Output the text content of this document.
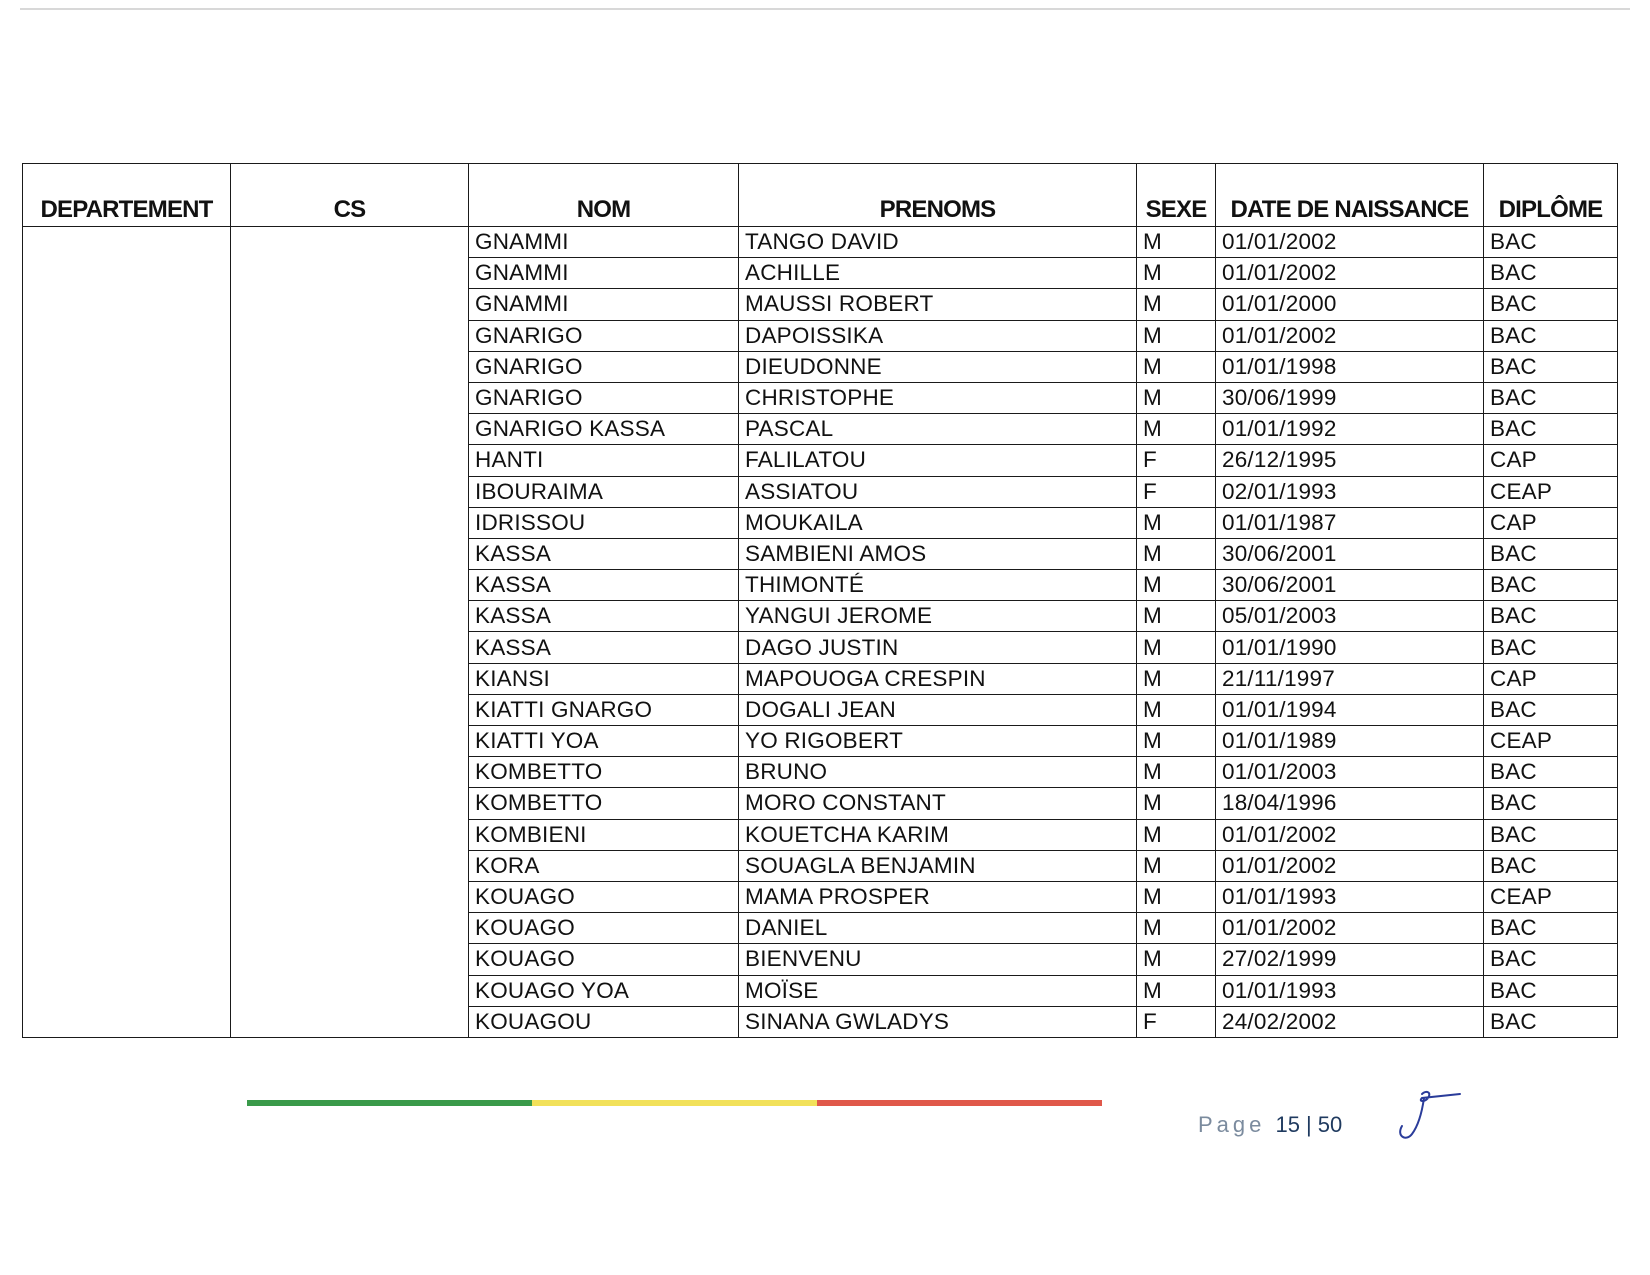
DEPARTEMENT	CS	NOM	PRENOMS	SEXE	DATE DE NAISSANCE	DIPLÔME
		GNAMMI	TANGO DAVID	M	01/01/2002	BAC
		GNAMMI	ACHILLE	M	01/01/2002	BAC
		GNAMMI	MAUSSI ROBERT	M	01/01/2000	BAC
		GNARIGO	DAPOISSIKA	M	01/01/2002	BAC
		GNARIGO	DIEUDONNE	M	01/01/1998	BAC
		GNARIGO	CHRISTOPHE	M	30/06/1999	BAC
		GNARIGO KASSA	PASCAL	M	01/01/1992	BAC
		HANTI	FALILATOU	F	26/12/1995	CAP
		IBOURAIMA	ASSIATOU	F	02/01/1993	CEAP
		IDRISSOU	MOUKAILA	M	01/01/1987	CAP
		KASSA	SAMBIENI AMOS	M	30/06/2001	BAC
		KASSA	THIMONTÉ	M	30/06/2001	BAC
		KASSA	YANGUI JEROME	M	05/01/2003	BAC
		KASSA	DAGO JUSTIN	M	01/01/1990	BAC
		KIANSI	MAPOUOGA CRESPIN	M	21/11/1997	CAP
		KIATTI GNARGO	DOGALI JEAN	M	01/01/1994	BAC
		KIATTI YOA	YO RIGOBERT	M	01/01/1989	CEAP
		KOMBETTO	BRUNO	M	01/01/2003	BAC
		KOMBETTO	MORO CONSTANT	M	18/04/1996	BAC
		KOMBIENI	KOUETCHA KARIM	M	01/01/2002	BAC
		KORA	SOUAGLA BENJAMIN	M	01/01/2002	BAC
		KOUAGO	MAMA PROSPER	M	01/01/1993	CEAP
		KOUAGO	DANIEL	M	01/01/2002	BAC
		KOUAGO	BIENVENU	M	27/02/1999	BAC
		KOUAGO YOA	MOÏSE	M	01/01/1993	BAC
		KOUAGOU	SINANA GWLADYS	F	24/02/2002	BAC
Page 15 | 50
